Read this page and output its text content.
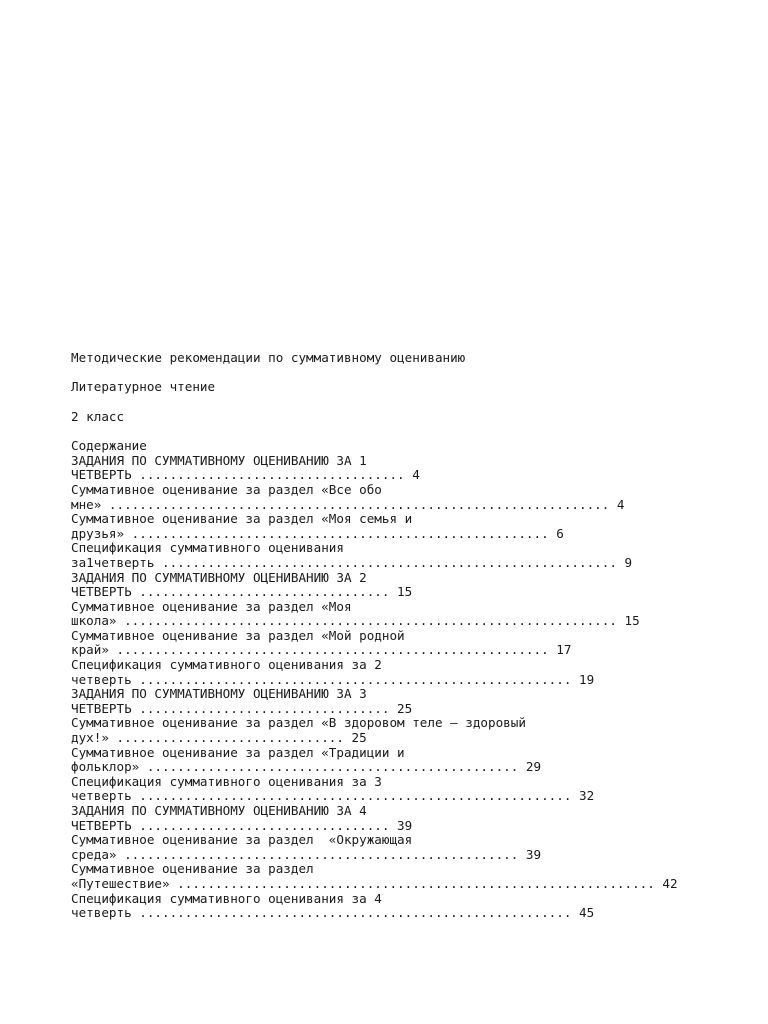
Методические рекомендации по суммативному оцениванию
Литературное чтение
2 класс
Содержание
ЗАДАНИЯ ПО СУММАТИВНОМУ ОЦЕНИВАНИЮ ЗА 1
ЧЕТВЕРТЬ ................................... 4
Суммативное оценивание за раздел «Все обо
мне» .................................................................. 4
Суммативное оценивание за раздел «Моя семья и
друзья» ....................................................... 6
Спецификация суммативного оценивания
за1четверть ............................................................ 9
ЗАДАНИЯ ПО СУММАТИВНОМУ ОЦЕНИВАНИЮ ЗА 2
ЧЕТВЕРТЬ ................................. 15
Суммативное оценивание за раздел «Моя
школа» ................................................................. 15
Суммативное оценивание за раздел «Мой родной
край» ......................................................... 17
Спецификация суммативного оценивания за 2
четверть ......................................................... 19
ЗАДАНИЯ ПО СУММАТИВНОМУ ОЦЕНИВАНИЮ ЗА 3
ЧЕТВЕРТЬ ................................. 25
Суммативное оценивание за раздел «В здоровом теле – здоровый
дух!» .............................. 25
Суммативное оценивание за раздел «Традиции и
фольклор» ................................................. 29
Спецификация суммативного оценивания за 3
четверть ......................................................... 32
ЗАДАНИЯ ПО СУММАТИВНОМУ ОЦЕНИВАНИЮ ЗА 4
ЧЕТВЕРТЬ ................................. 39
Суммативное оценивание за раздел  «Окружающая
среда» .................................................... 39
Суммативное оценивание за раздел
«Путешествие» ............................................................... 42
Спецификация суммативного оценивания за 4
четверть ......................................................... 45
